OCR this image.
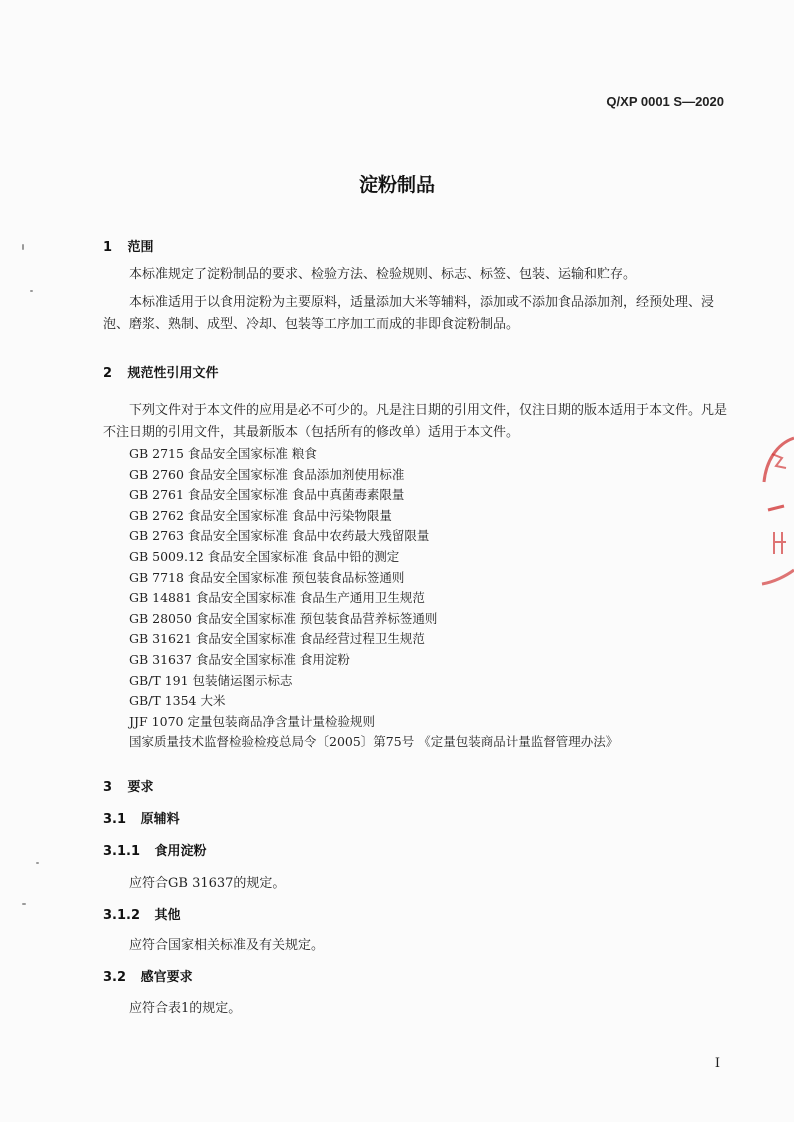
Q/XP 0001 S—2020
淀粉制品
1 范围

本标准规定了淀粉制品的要求、检验方法、检验规则、标志、标签、包装、运输和贮存。

本标准适用于以食用淀粉为主要原料，适量添加大米等辅料，添加或不添加食品添加剂，经预处理、浸泡、磨浆、熟制、成型、冷却、包装等工序加工而成的非即食淀粉制品。

2 规范性引用文件

下列文件对于本文件的应用是必不可少的。凡是注日期的引用文件，仅注日期的版本适用于本文件。凡是不注日期的引用文件，其最新版本（包括所有的修改单）适用于本文件。

GB 2715 食品安全国家标准 粮食
GB 2760 食品安全国家标准 食品添加剂使用标准
GB 2761 食品安全国家标准 食品中真菌毒素限量
GB 2762 食品安全国家标准 食品中污染物限量
GB 2763 食品安全国家标准 食品中农药最大残留限量
GB 5009.12 食品安全国家标准 食品中铅的测定
GB 7718 食品安全国家标准 预包装食品标签通则
GB 14881 食品安全国家标准 食品生产通用卫生规范
GB 28050 食品安全国家标准 预包装食品营养标签通则
GB 31621 食品安全国家标准 食品经营过程卫生规范
GB 31637 食品安全国家标准 食用淀粉
GB/T 191 包装储运图示标志
GB/T 1354 大米
JJF 1070 定量包装商品净含量计量检验规则
国家质量技术监督检验检疫总局令〔2005〕第75号 《定量包装商品计量监督管理办法》
3 要求
3.1 原辅料
3.1.1 食用淀粉
应符合GB 31637的规定。
3.1.2 其他
应符合国家相关标准及有关规定。
3.2 感官要求
应符合表1的规定。
I
